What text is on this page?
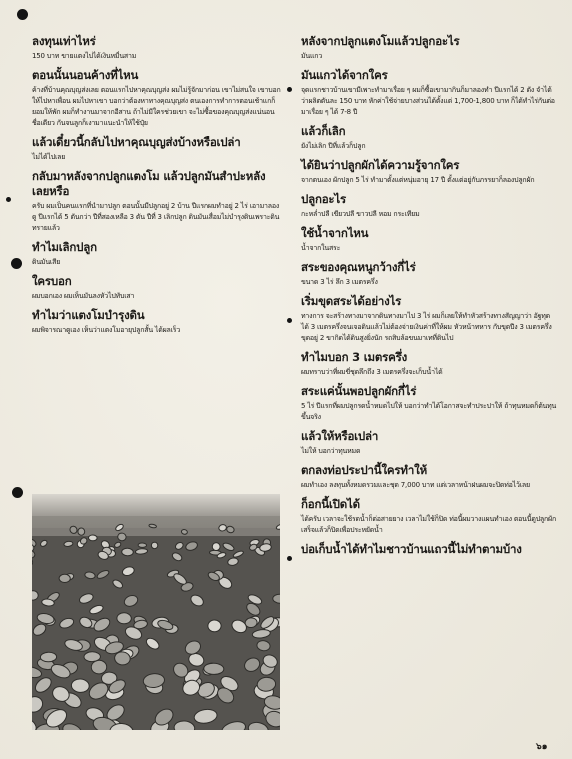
ลงทุนเท่าไหร่
150 บาท ขายแตงไปได้เงินหมื่นสาม
ตอนนั้นนอนค้างที่ไหน
ค้างที่บ้านคุณบุญส่งเลย ตอนแรกไปหาคุณบุญส่ง ผมไม่รู้จักมาก่อน เขาไม่สนใจ เขาบอกให้ไปหาเพื่อน ผมไปหาเขา บอกว่าต้องหาทางคุณบุญส่ง ตนเองการทำการตอนเช้าแกก็ยอมให้พัก ผมก็ทำงานมาจากอีสาน ถ้าไม่มีใครช่วยเขา จะไม่ซื้อของคุณบุญส่งแน่นอนชื่อเดียว กันจนลูกก็เงามาแนะนำให้ใช้ปุ๋ย
แล้วเดี๋ยวนี้กลับไปหาคุณบุญส่งบ้างหรือเปล่า
ไม่ได้ไปเลย
กลับมาหลังจากปลูกแตงโม แล้วปลูกมันสำปะหลังเลยหรือ
ครับ ผมเป็นคนแรกที่นำมาปลูก ตอนนั้นมีปลูกอยู่ 2 บ้าน ปีแรกผมทำอยู่ 2 ไร่ เอามาลองดู ปีแรกได้ 5 ตันกว่า ปีที่สองเหลือ 3 ตัน ปีที่ 3 เลิกปลูก ดินมันเสื่อมไม่บำรุงดินเพราะดินทรายแล้ว
ทำไมเลิกปลูก
ดินมันเสีย
ใครบอก
ผมบอกเอง ผมเห็นมันลงหัวไปทับเสา
ทำไมว่าแตงโมบำรุงดิน
ผมพิจารณาดูเอง เห็นว่าแตงโมอายุปลูกสั้น ได้ผลเร็ว
หลังจากปลูกแตงโมแล้วปลูกอะไร
มันแกว
มันแกวได้จากใคร
จุดแรกชาวบ้านเขามีเพาะทำมาเรื่อย ๆ ผมก็ซื้อเขามากินก็มาลองทำ ปีแรกได้ 2 ตัง จำได้ว่าผลิตตันละ 150 บาท หักค่าใช้จ่ายบางส่วนได้ตั้งแต่ 1,700-1,800 บาท ก็ได้ทำไร่กันต่อมาเรื่อย ๆ ได้ 7-8 ปี
แล้วก็เลิก
ยังไม่เลิก ปีที่แล้วก็ปลูก
ได้ยินว่าปลูกผักได้ความรู้จากใคร
จากตนเอง ผักปลูก 5 ไร่ ทำมาตั้งแต่หนุ่มอายุ 17 ปี ตั้งแต่อยู่กับภรรยาก็ลองปลูกผัก
ปลูกอะไร
กะหล่ำปลี เขียวปลี ขาวปลี หอม กระเทียม
ใช้น้ำจากไหน
น้ำจากในสระ
สระของคุณหนูกว้างกี่ไร่
ขนาด 3 ไร่ ลึก 3 เมตรครึ่ง
เริ่มขุดสระได้อย่างไร
ทางการ จะสร้างทางมาจากดินทางมาไป 3 ไร่ ผมก็เลยให้ทำหัวสร้างทางสัญญาว่า อัฐทุดได้ 3 เมตรครึ่งจนเจอดินแล้วไม่ต้องจ่ายเงินค่าที่ให้ผม หัวหน้าทหาร กับขุดปีง 3 เมตรครึ่ง ขุดอยู่ 2 ขากิดได้ดินสูงยิ่งนัก รถสิบล้อขนมาเทที่ดินไป
ทำไมบอก 3 เมตรครึ่ง
ผมทราบว่าที่ผมขี่ชุดลึกถึง 3 เมตรครึ่งจะเก็บน้ำได้
สระแค่นั้นพอปลูกผักกี่ไร่
5 ไร่ ปีแรกที่ผมปลูกรดน้ำหมดไปให้ บอกว่าทำได้โอกาสจะทำประปาให้ ถ้าทุนหมดก็ต้นทุนขึ้นจริง
แล้วให้หรือเปล่า
ไม่ให้ บอกว่าทุนหมด
ตกลงท่อประปานี้ใครทำให้
ผมทำเอง ลงทุนทั้งหมดรวมและชุด 7,000 บาท แต่เวลาหน้าฝนผมจะปิดท่อไว้เลย
ก็อกนี้เปิดได้
ได้ครับ เวลาจะใช้รดน้ำก็ต่อสายยาง เวลาไม่ใช้ก็ปิด ท่อนี้ผมวางแผนทำเอง ตอนนี้ดูปลูกผักเสร็จแล้วก็ปิดเพื่อประหยัดน้ำ
บ่อเก็บน้ำได้ทำไมชาวบ้านแถวนี้ไม่ทำตามบ้าง
๖๑
